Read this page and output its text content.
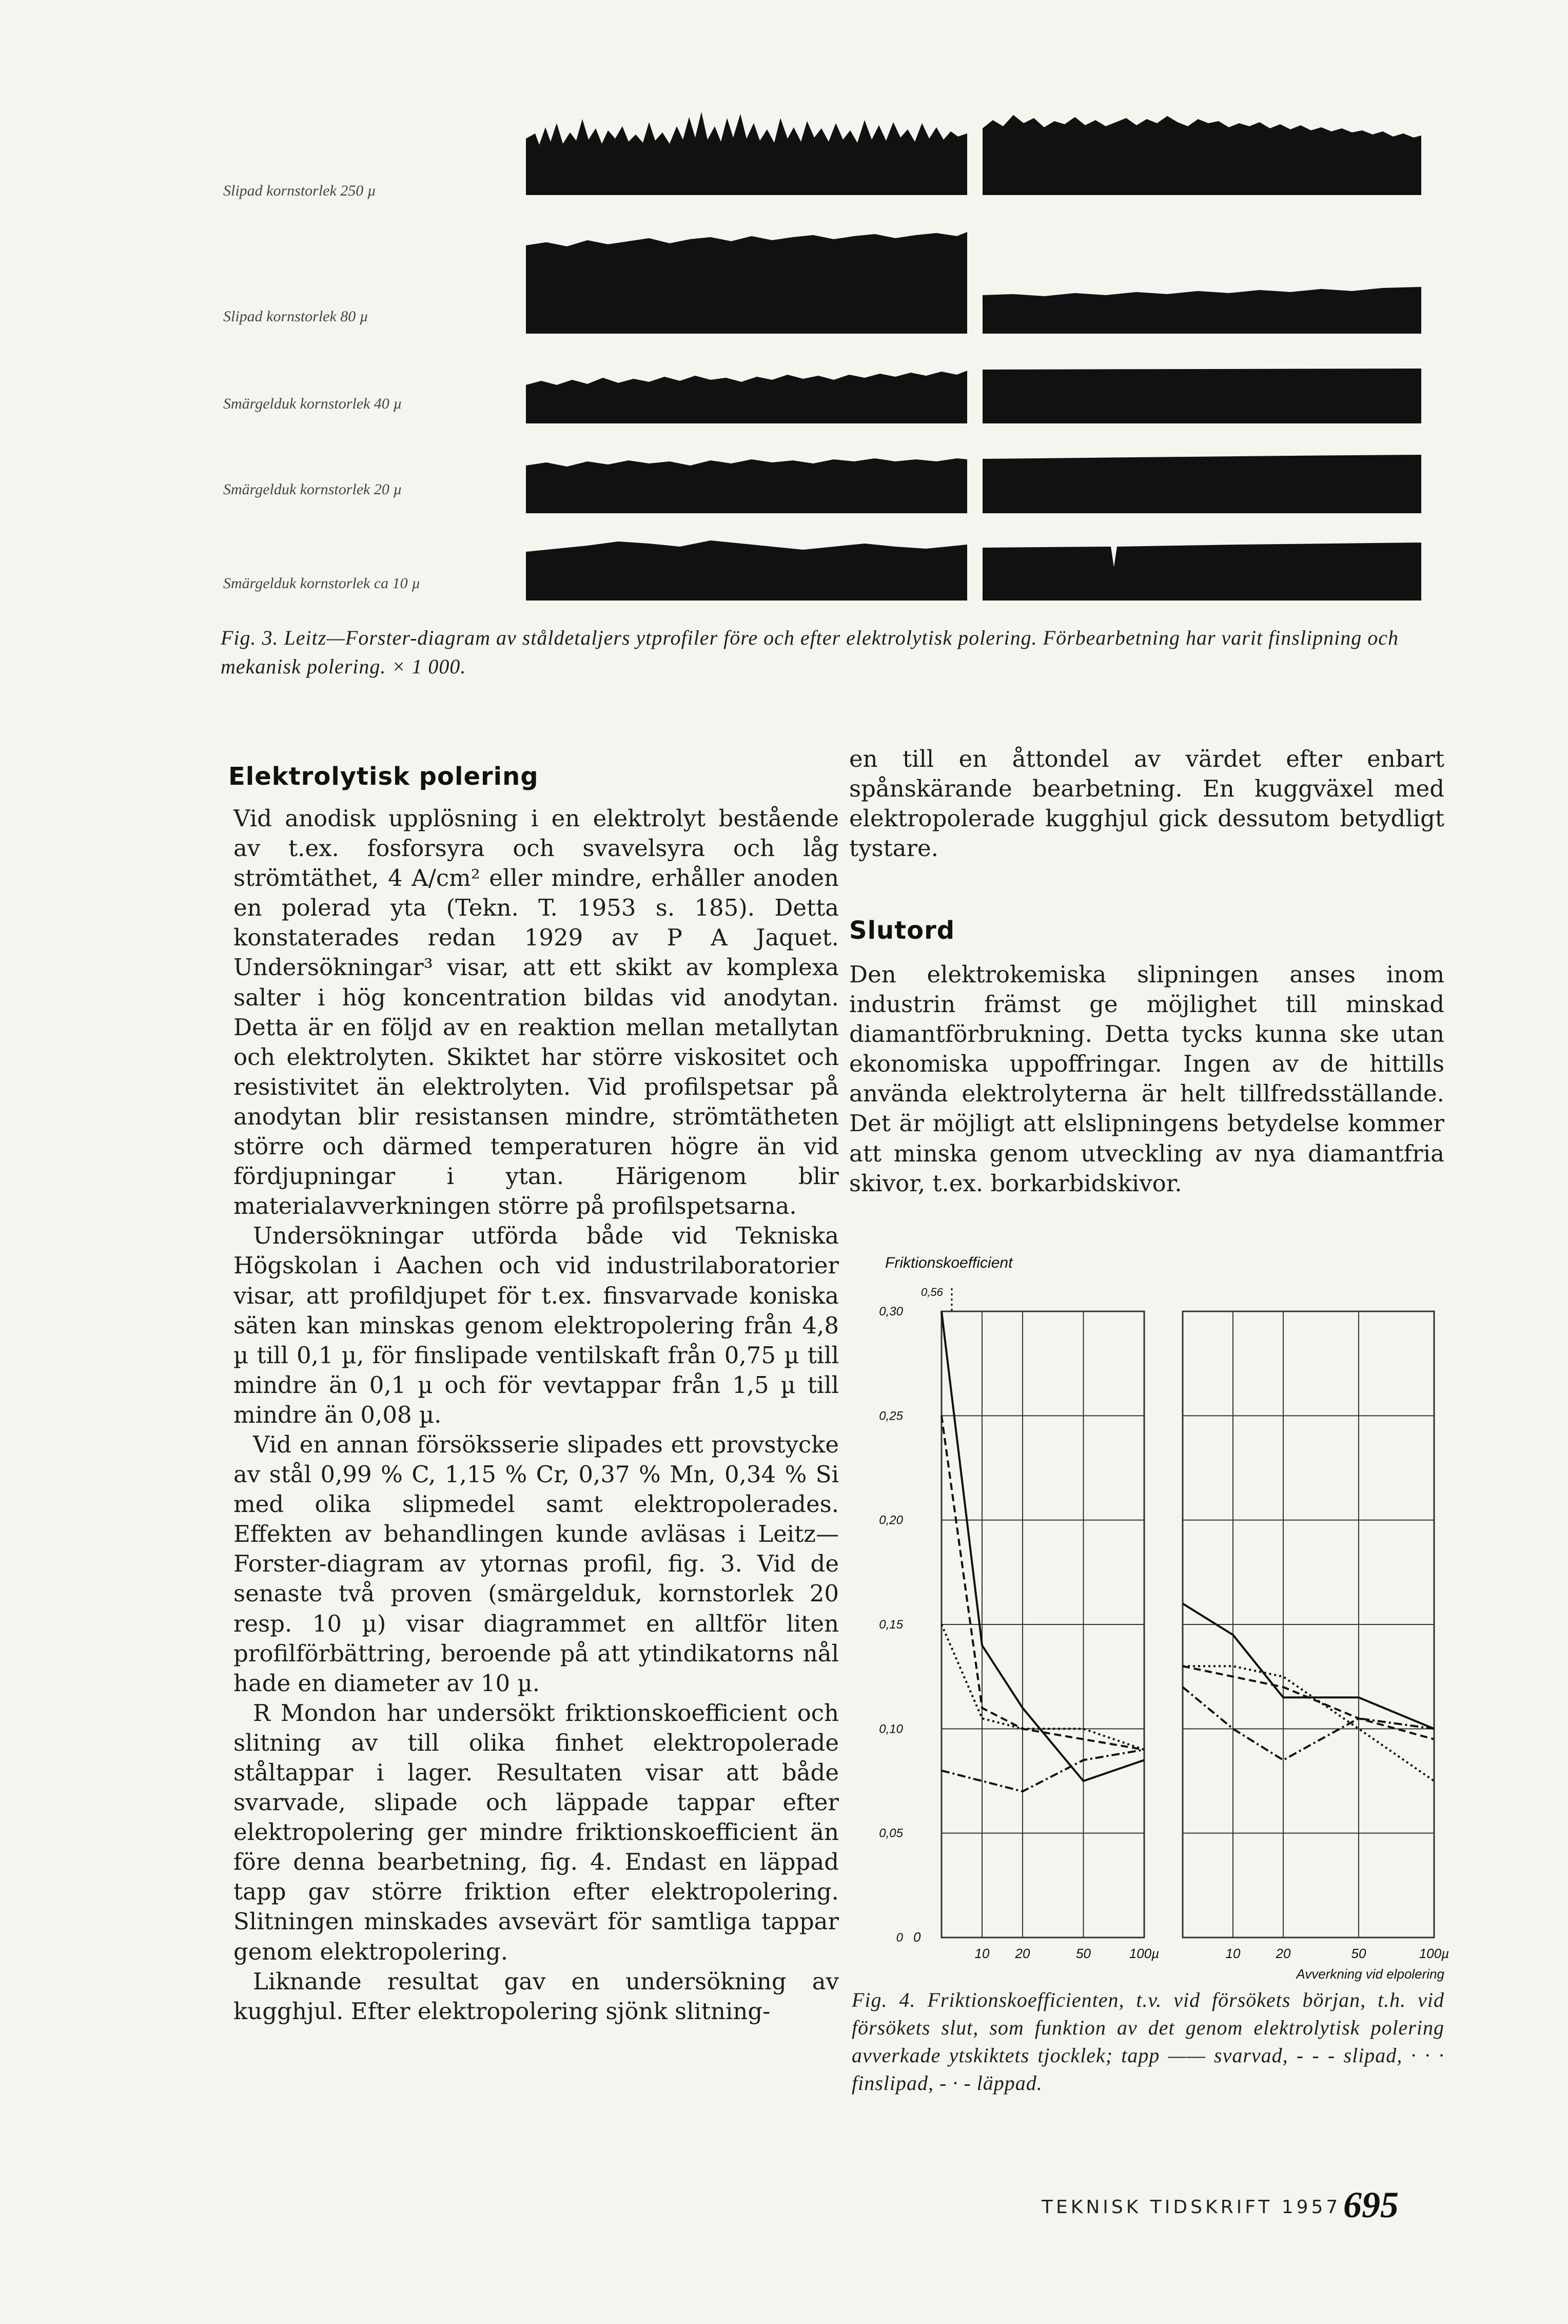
Slipad kornstorlek 250 µ
Slipad kornstorlek 80 µ
Smärgelduk kornstorlek 40 µ
Smärgelduk kornstorlek 20 µ
Smärgelduk kornstorlek ca 10 µ
Fig. 3. Leitz—Forster-diagram av ståldetaljers ytprofiler före och efter elektrolytisk polering. Förbearbetning har varit finslipning och mekanisk polering. × 1 000.
Elektrolytisk polering

Vid anodisk upplösning i en elektrolyt bestående av t.ex. fosforsyra och svavelsyra och låg strömtäthet, 4 A/cm² eller mindre, erhåller anoden en polerad yta (Tekn. T. 1953 s. 185). Detta konstaterades redan 1929 av P A Jaquet. Undersökningar³ visar, att ett skikt av komplexa salter i hög koncentration bildas vid anodytan. Detta är en följd av en reaktion mellan metallytan och elektrolyten. Skiktet har större viskositet och resistivitet än elektrolyten. Vid profilspetsar på anodytan blir resistansen mindre, strömtätheten större och därmed temperaturen högre än vid fördjupningar i ytan. Härigenom blir materialavverkningen större på profilspetsarna.

Undersökningar utförda både vid Tekniska Högskolan i Aachen och vid industrilaboratorier visar, att profildjupet för t.ex. finsvarvade koniska säten kan minskas genom elektropolering från 4,8 µ till 0,1 µ, för finslipade ventilskaft från 0,75 µ till mindre än 0,1 µ och för vevtappar från 1,5 µ till mindre än 0,08 µ.

Vid en annan försöksserie slipades ett provstycke av stål 0,99 % C, 1,15 % Cr, 0,37 % Mn, 0,34 % Si med olika slipmedel samt elektropolerades. Effekten av behandlingen kunde avläsas i Leitz—Forster-diagram av ytornas profil, fig. 3. Vid de senaste två proven (smärgelduk, kornstorlek 20 resp. 10 µ) visar diagrammet en alltför liten profilförbättring, beroende på att ytindikatorns nål hade en diameter av 10 µ.

R Mondon har undersökt friktionskoefficient och slitning av till olika finhet elektropolerade ståltappar i lager. Resultaten visar att både svarvade, slipade och läppade tappar efter elektropolering ger mindre friktionskoefficient än före denna bearbetning, fig. 4. Endast en läppad tapp gav större friktion efter elektropolering. Slitningen minskades avsevärt för samtliga tappar genom elektropolering.

Liknande resultat gav en undersökning av kugghjul. Efter elektropolering sjönk slitning-

en till en åttondel av värdet efter enbart spånskärande bearbetning. En kuggväxel med elektropolerade kugghjul gick dessutom betydligt tystare.

Slutord

Den elektrokemiska slipningen anses inom industrin främst ge möjlighet till minskad diamantförbrukning. Detta tycks kunna ske utan ekonomiska uppoffringar. Ingen av de hittills använda elektrolyterna är helt tillfredsställande. Det är möjligt att elslipningens betydelse kommer att minska genom utveckling av nya diamantfria skivor, t.ex. borkarbidskivor.

Friktionskoefficient
0,56
0,30
0,25
0,20
0,15
0,10
0,05
0
10 20	50	100µ	10	20	50	100µ
0
Avverkning vid elpolering
Fig. 4. Friktionskoefficienten, t.v. vid försökets början, t.h. vid försökets slut, som funktion av det genom elektrolytisk polering avverkade ytskiktets tjocklek; tapp —— svarvad, - - - slipad, · · · finslipad, - · - läppad.
TEKNISK TIDSKRIFT 1957 695
